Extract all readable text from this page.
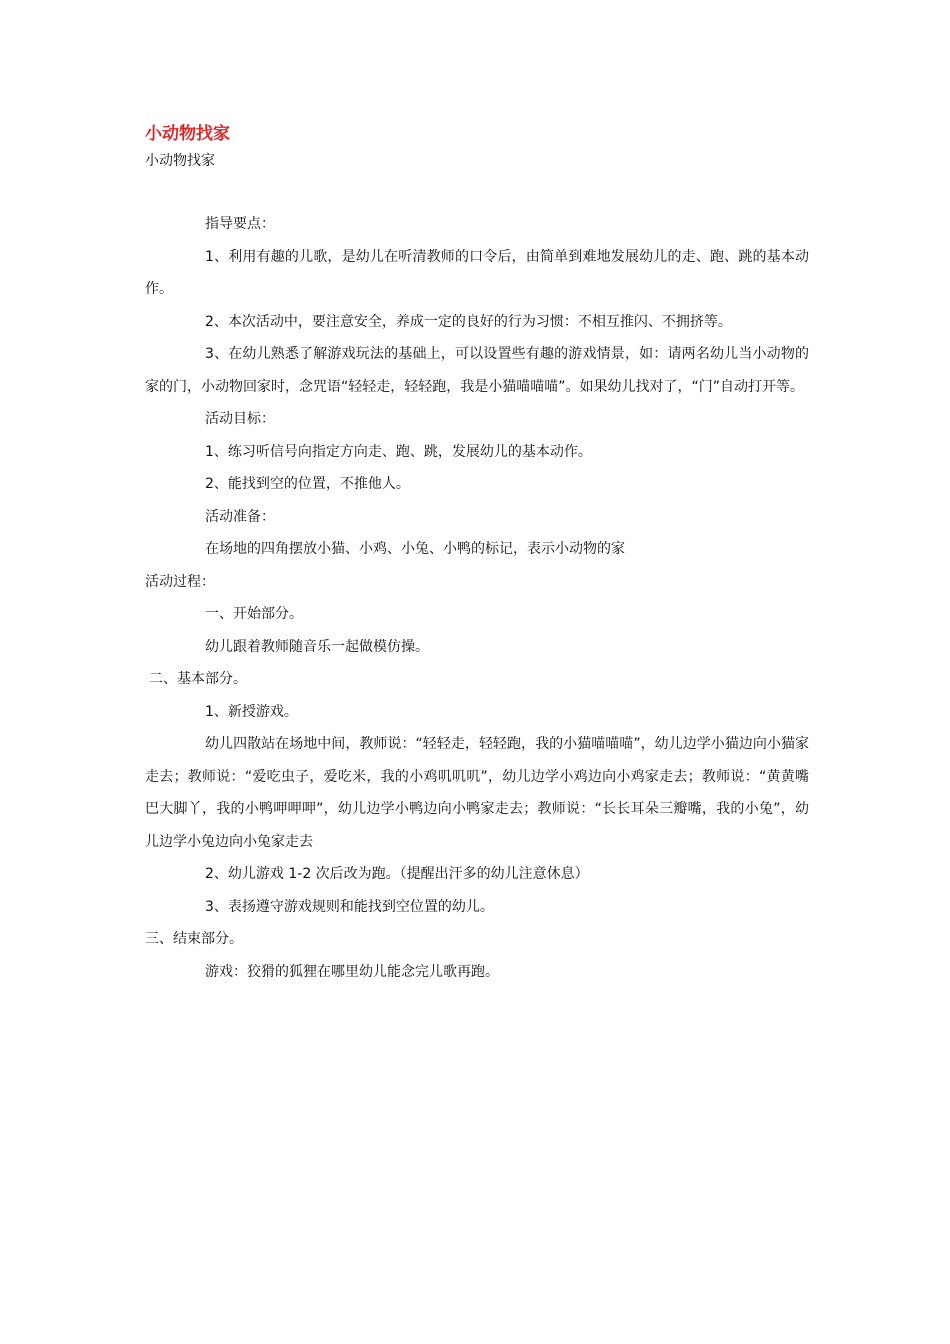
小动物找家
小动物找家

指导要点：

1、利用有趣的儿歌，是幼儿在听清教师的口令后，由简单到难地发展幼儿的走、跑、跳的基本动作。

2、本次活动中，要注意安全，养成一定的良好的行为习惯：不相互推闪、不拥挤等。

3、在幼儿熟悉了解游戏玩法的基础上，可以设置些有趣的游戏情景，如：请两名幼儿当小动物的家的门，小动物回家时，念咒语“轻轻走，轻轻跑，我是小猫喵喵喵”。如果幼儿找对了，“门”自动打开等。

活动目标：

1、练习听信号向指定方向走、跑、跳，发展幼儿的基本动作。

2、能找到空的位置，不推他人。

活动准备：

在场地的四角摆放小猫、小鸡、小兔、小鸭的标记，表示小动物的家

活动过程：

一、开始部分。

幼儿跟着教师随音乐一起做模仿操。

二、基本部分。

1、新授游戏。

幼儿四散站在场地中间，教师说：“轻轻走，轻轻跑，我的小猫喵喵喵”，幼儿边学小猫边向小猫家走去；教师说：“爱吃虫子，爱吃米，我的小鸡叽叽叽”，幼儿边学小鸡边向小鸡家走去；教师说：“黄黄嘴巴大脚丫，我的小鸭呷呷呷”，幼儿边学小鸭边向小鸭家走去；教师说：“长长耳朵三瓣嘴，我的小兔”，幼儿边学小兔边向小兔家走去

2、幼儿游戏 1-2 次后改为跑。（提醒出汗多的幼儿注意休息）

3、表扬遵守游戏规则和能找到空位置的幼儿。

三、结束部分。

游戏：狡猾的狐狸在哪里幼儿能念完儿歌再跑。
